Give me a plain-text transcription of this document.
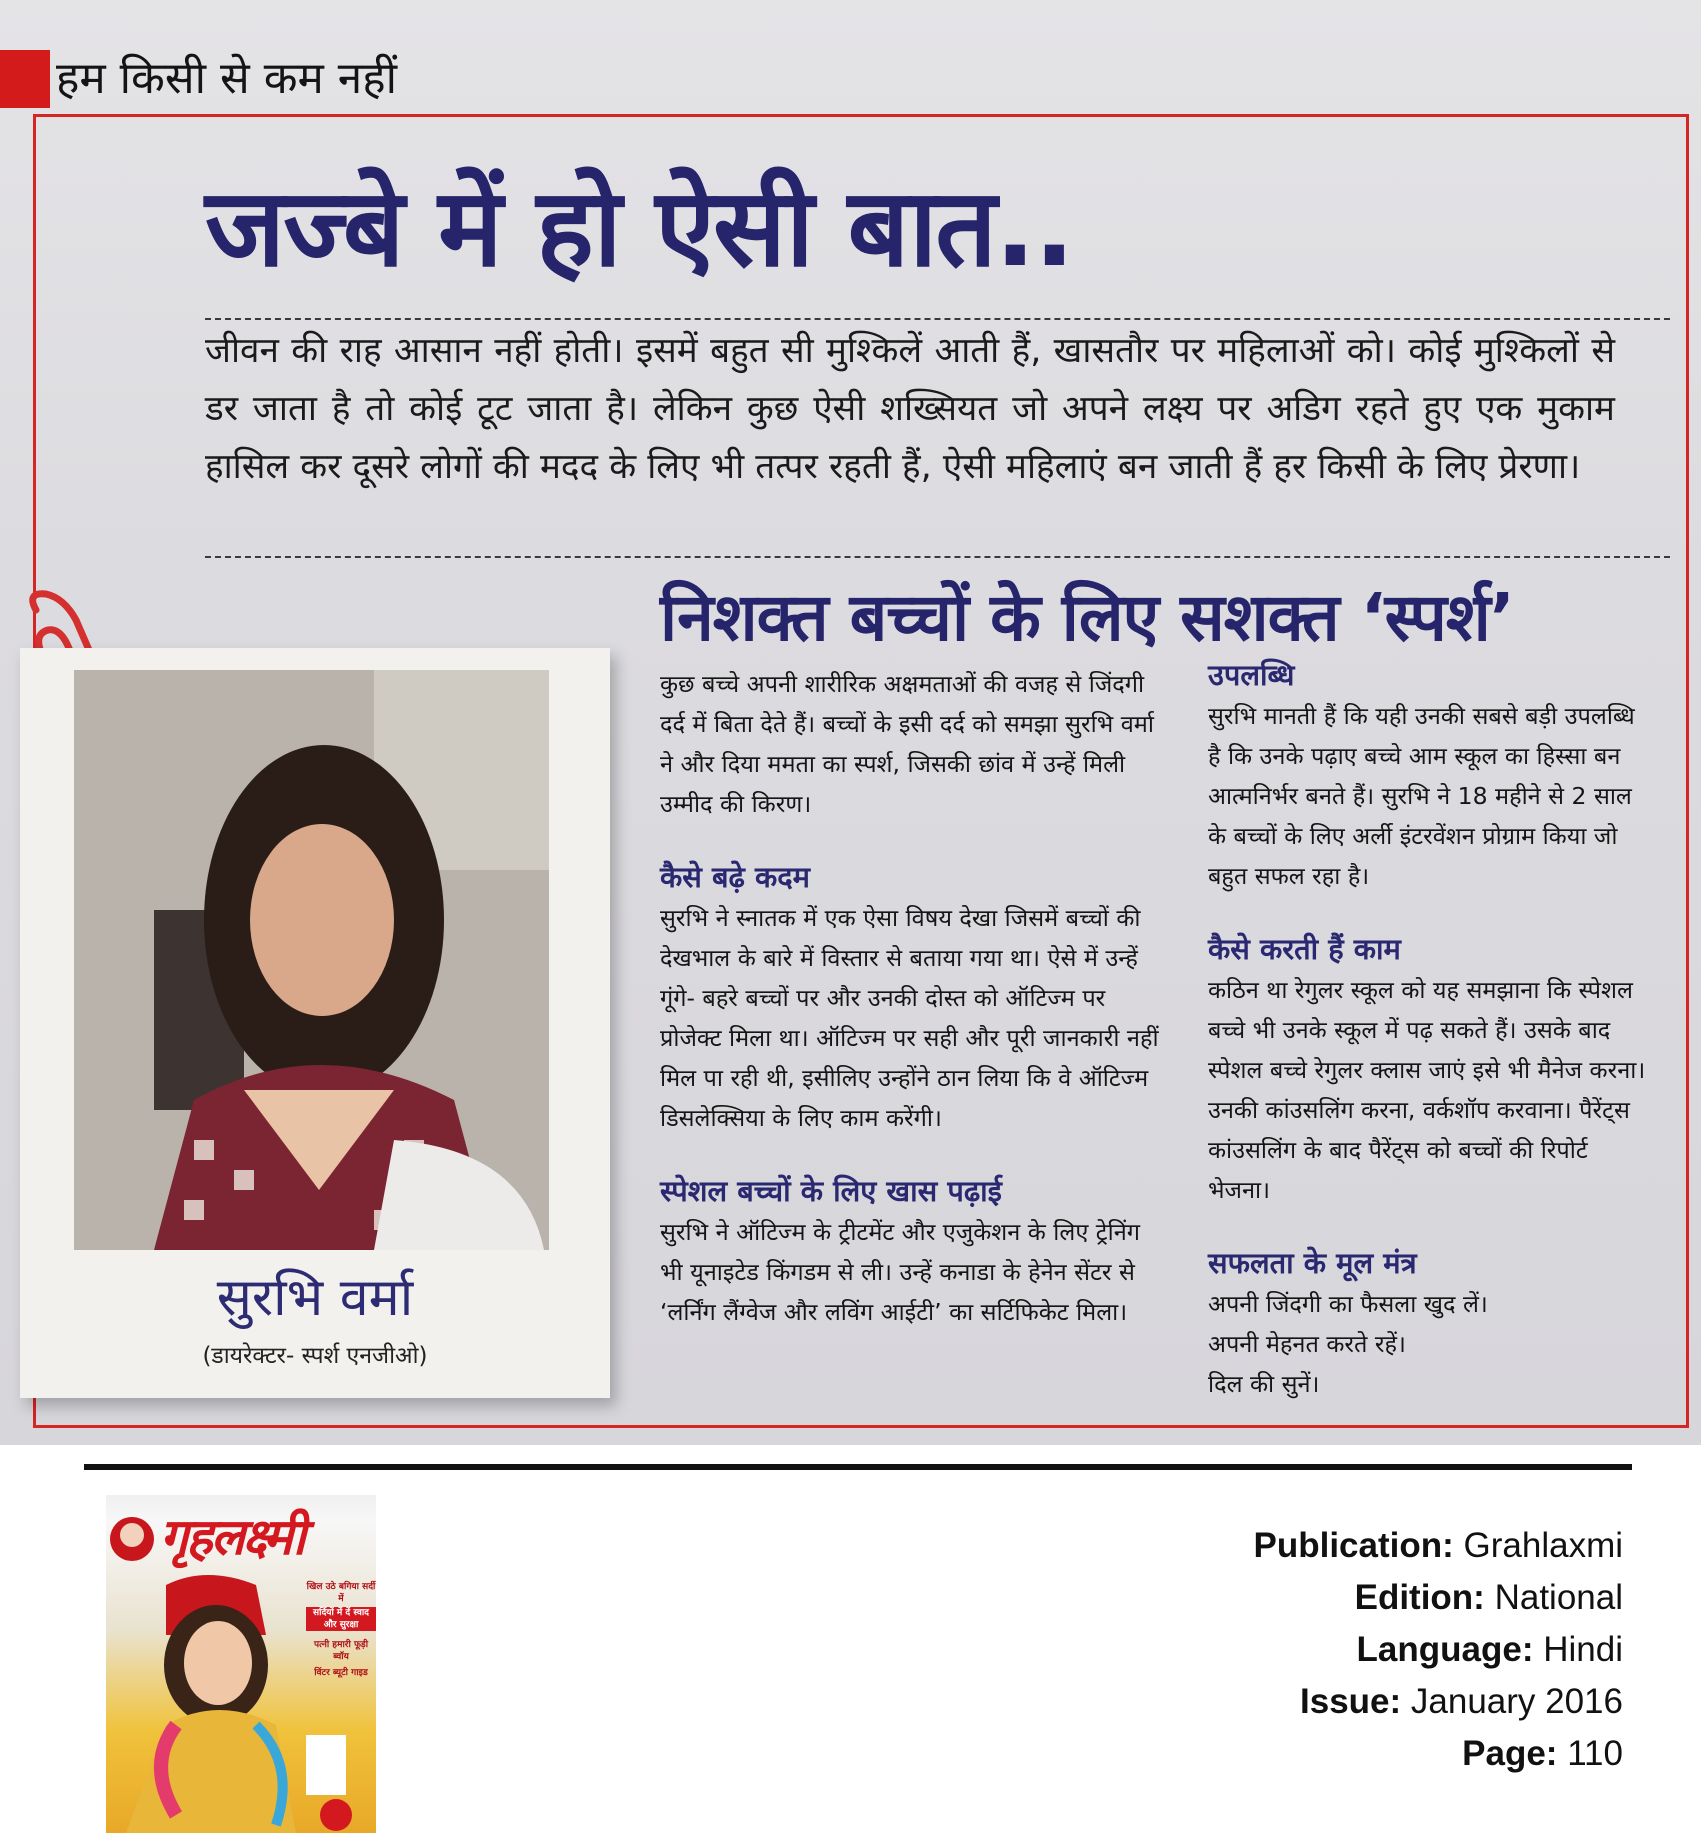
हम किसी से कम नहीं
जज्बे में हो ऐसी बात..
जीवन की राह आसान नहीं होती। इसमें बहुत सी मुश्किलें आती हैं, खासतौर पर महिलाओं को। कोई मुश्किलों से डर जाता है तो कोई टूट जाता है। लेकिन कुछ ऐसी शख्सियत जो अपने लक्ष्य पर अडिग रहते हुए एक मुकाम हासिल कर दूसरे लोगों की मदद के लिए भी तत्पर रहती हैं, ऐसी महिलाएं बन जाती हैं हर किसी के लिए प्रेरणा।
सुरभि वर्मा
(डायरेक्टर- स्पर्श एनजीओ)
निशक्त बच्चों के लिए सशक्त ‘स्पर्श’

कुछ बच्चे अपनी शारीरिक अक्षमताओं की वजह से जिंदगी दर्द में बिता देते हैं। बच्चों के इसी दर्द को समझा सुरभि वर्मा ने और दिया ममता का स्पर्श, जिसकी छांव में उन्हें मिली उम्मीद की किरण।

कैसे बढ़े कदम

सुरभि ने स्नातक में एक ऐसा विषय देखा जिसमें बच्चों की देखभाल के बारे में विस्तार से बताया गया था। ऐसे में उन्हें गूंगे- बहरे बच्चों पर और उनकी दोस्त को ऑटिज्म पर प्रोजेक्ट मिला था। ऑटिज्म पर सही और पूरी जानकारी नहीं मिल पा रही थी, इसीलिए उन्होंने ठान लिया कि वे ऑटिज्म डिसलेक्सिया के लिए काम करेंगी।

स्पेशल बच्चों के लिए खास पढ़ाई

सुरभि ने ऑटिज्म के ट्रीटमेंट और एजुकेशन के लिए ट्रेनिंग भी यूनाइटेड किंगडम से ली। उन्हें कनाडा के हेनेन सेंटर से ‘लर्निंग लैंग्वेज और लविंग आईटी’ का सर्टिफिकेट मिला।

उपलब्धि

सुरभि मानती हैं कि यही उनकी सबसे बड़ी उपलब्धि है कि उनके पढ़ाए बच्चे आम स्कूल का हिस्सा बन आत्मनिर्भर बनते हैं। सुरभि ने 18 महीने से 2 साल के बच्चों के लिए अर्ली इंटरवेंशन प्रोग्राम किया जो बहुत सफल रहा है।

कैसे करती हैं काम

कठिन था रेगुलर स्कूल को यह समझाना कि स्पेशल बच्चे भी उनके स्कूल में पढ़ सकते हैं। उसके बाद स्पेशल बच्चे रेगुलर क्लास जाएं इसे भी मैनेज करना। उनकी कांउसलिंग करना, वर्कशॉप करवाना। पैरेंट्स कांउसलिंग के बाद पैरेंट्स को बच्चों की रिपोर्ट भेजना।

सफलता के मूल मंत्र
अपनी जिंदगी का फैसला खुद लें।
अपनी मेहनत करते रहें।
दिल की सुनें।
गृहलक्ष्मी
खिल उठे बगिया सर्दी में
सर्दियों में दें स्वाद और सुरक्षा
पत्नी हमारी फूड़ी ब्वॉय
विंटर ब्यूटी गाइड
Publication: Grahlaxmi
Edition: National
Language: Hindi
Issue: January 2016
Page: 110
